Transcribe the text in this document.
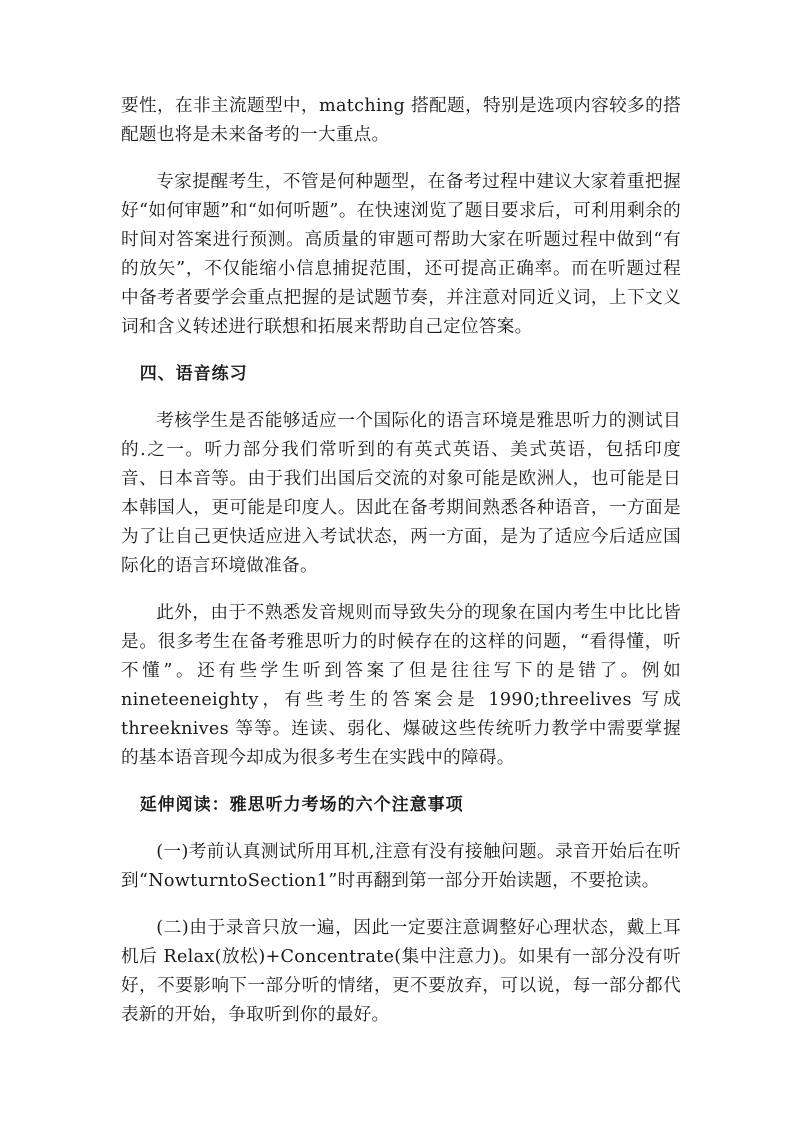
要性，在非主流题型中，matching 搭配题，特别是选项内容较多的搭配题也将是未来备考的一大重点。

专家提醒考生，不管是何种题型，在备考过程中建议大家着重把握好“如何审题”和“如何听题”。在快速浏览了题目要求后，可利用剩余的时间对答案进行预测。高质量的审题可帮助大家在听题过程中做到“有的放矢”，不仅能缩小信息捕捉范围，还可提高正确率。而在听题过程中备考者要学会重点把握的是试题节奏，并注意对同近义词，上下文义词和含义转述进行联想和拓展来帮助自己定位答案。

四、语音练习

考核学生是否能够适应一个国际化的语言环境是雅思听力的测试目的.之一。听力部分我们常听到的有英式英语、美式英语，包括印度音、日本音等。由于我们出国后交流的对象可能是欧洲人，也可能是日本韩国人，更可能是印度人。因此在备考期间熟悉各种语音，一方面是为了让自己更快适应进入考试状态，两一方面，是为了适应今后适应国际化的语言环境做准备。

此外，由于不熟悉发音规则而导致失分的现象在国内考生中比比皆是。很多考生在备考雅思听力的时候存在的这样的问题，“看得懂，听不懂”。还有些学生听到答案了但是往往写下的是错了。例如 nineteeneighty，有些考生的答案会是 1990;threelives 写成 threeknives 等等。连读、弱化、爆破这些传统听力教学中需要掌握的基本语音现今却成为很多考生在实践中的障碍。

延伸阅读：雅思听力考场的六个注意事项

(一)考前认真测试所用耳机,注意有没有接触问题。录音开始后在听到“NowturntoSection1”时再翻到第一部分开始读题，不要抢读。

(二)由于录音只放一遍，因此一定要注意调整好心理状态，戴上耳机后 Relax(放松)+Concentrate(集中注意力)。如果有一部分没有听好，不要影响下一部分听的情绪，更不要放弃，可以说，每一部分都代表新的开始，争取听到你的最好。
